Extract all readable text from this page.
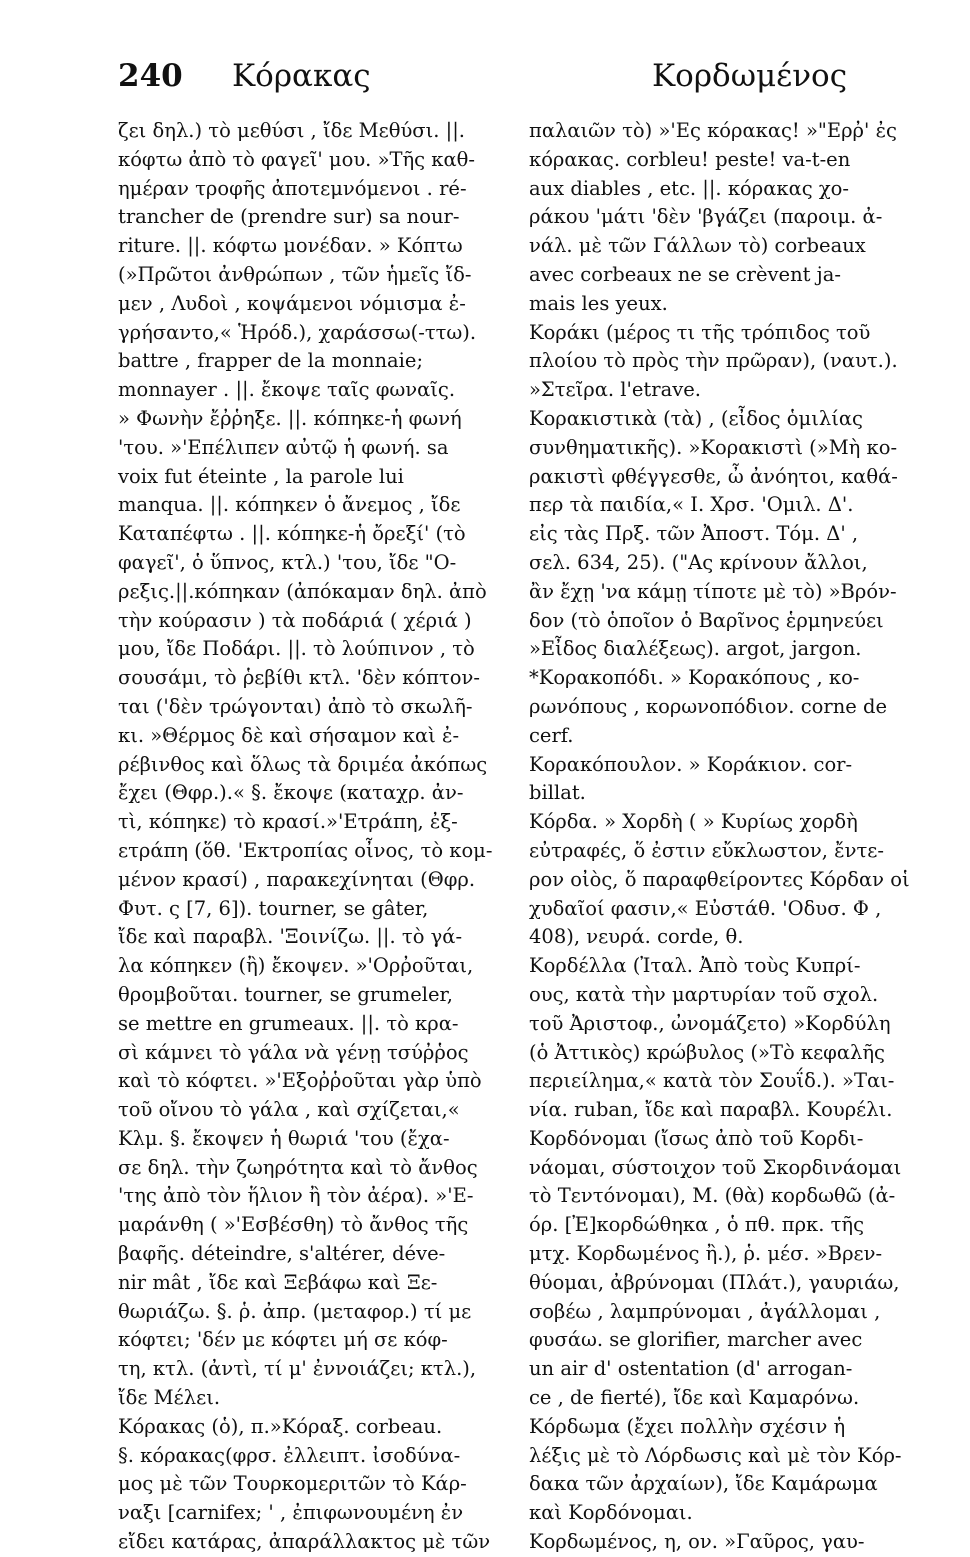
240 Κόρακας	Κορδωμένος
ζει δηλ.) τὸ μεθύσι , ἴδε Μεθύσι. ||.
κόφτω ἀπὸ τὸ φαγεῖ' μου. »Τῆς καθ-
ημέραν τροφῆς ἀποτεμνόμενοι . ré-
trancher de (prendre sur) sa nour-
riture. ||. κόφτω μονέδαν. » Κόπτω
(»Πρῶτοι ἀνθρώπων , τῶν ἡμεῖς ἴδ-
μεν , Λυδοὶ , κοψάμενοι νόμισμα ἐ-
γρήσαντο,« Ἡρόδ.), χαράσσω(-ττω).
battre , frapper de la monnaie;
monnayer . ||. ἔκοψε ταῖς φωναῖς.
» Φωνὴν ἔῤῥηξε. ||. κόπηκε-ἡ φωνή
'του. »'Επέλιπεν αὐτῷ ἡ φωνή. sa
voix fut éteinte , la parole lui
manqua. ||. κόπηκεν ὁ ἄνεμος , ἴδε
Καταπέφτω . ||. κόπηκε-ἡ ὄρεξί' (τὸ
φαγεῖ', ὁ ὕπνος, κτλ.) 'του, ἴδε "Ο-
ρεξις.||.κόπηκαν (ἀπόκαμαν δηλ. ἀπὸ
τὴν κούρασιν ) τὰ ποδάριά ( χέριά )
μου, ἴδε Ποδάρι. ||. τὸ λούπινον , τὸ
σουσάμι, τὸ ῥεβίθι κτλ. 'δὲν κόπτον-
ται ('δὲν τρώγονται) ἀπὸ τὸ σκωλῆ-
κι. »Θέρμος δὲ καὶ σήσαμον καὶ ἐ-
ρέβινθος καὶ ὅλως τὰ δριμέα ἀκόπως
ἔχει (Θφρ.).« §. ἔκοψε (καταχρ. ἀν-
τὶ, κόπηκε) τὸ κρασί.»'Ετράπη, ἐξ-
ετράπη (ὅθ. 'Εκτροπίας οἶνος, τὸ κομ-
μένον κρασί) , παρακεχίνηται (Θφρ.
Φυτ. ς [7, 6]). tourner, se gâter,
ἴδε καὶ παραβλ. 'Ξοινίζω. ||. τὸ γά-
λα κόπηκεν (ἢ) ἔκοψεν. »'Ορῤοῦται,
θρομβοῦται. tourner, se grumeler,
se mettre en grumeaux. ||. τὸ κρα-
σὶ κάμνει τὸ γάλα νὰ γένῃ τσύῤῥος
καὶ τὸ κόφτει. »'Εξοῤῥοῦται γὰρ ὑπὸ
τοῦ οἴνου τὸ γάλα , καὶ σχίζεται,«
Κλμ. §. ἔκοψεν ἡ θωριά 'του (ἔχα-
σε δηλ. τὴν ζωηρότητα καὶ τὸ ἄνθος
'της ἀπὸ τὸν ἥλιον ἢ τὸν ἀέρα). »'Ε-
μαράνθη ( »'Εσβέσθη) τὸ ἄνθος τῆς
βαφῆς. déteindre, s'altérer, déve-
nir mât , ἴδε καὶ Ξεβάφω καὶ Ξε-
θωριάζω. §. ῥ. ἀπρ. (μεταφορ.) τί με
κόφτει; 'δέν με κόφτει μή σε κόφ-
τη, κτλ. (ἀντὶ, τί μ' ἐννοιάζει; κτλ.),
ἴδε Μέλει.
Κόρακας (ὁ), π.»Κόραξ. corbeau.
§. κόρακας(φρσ. ἐλλειπτ. ἰσοδύνα-
μος μὲ τῶν Τουρκομεριτῶν τὸ Κάρ-
ναξι [carnifex; ' , ἐπιφωνουμένη ἐν
εἴδει κατάρας, ἀπαράλλακτος μὲ τῶν
παλαιῶν τὸ) »'Ες κόρακας! »"Ερῤ' ἐς
κόρακας. corbleu! peste! va-t-en
aux diables , etc. ||. κόρακας χο-
ράκου 'μάτι 'δὲν 'βγάζει (παροιμ. ἀ-
νάλ. μὲ τῶν Γάλλων τὸ) corbeaux
avec corbeaux ne se crèvent ja-
mais les yeux.
Κοράκι (μέρος τι τῆς τρόπιδος τοῦ
πλοίου τὸ πρὸς τὴν πρῶραν), (ναυτ.).
»Στεῖρα. l'etrave.
Κορακιστικὰ (τὰ) , (εἶδος ὁμιλίας
συνθηματικῆς). »Κορακιστὶ (»Μὴ κο-
ρακιστὶ φθέγγεσθε, ὦ ἀνόητοι, καθά-
περ τὰ παιδία,« Ι. Χρσ. 'Ομιλ. Δ'.
εἰς τὰς Πρξ. τῶν Ἀποστ. Τόμ. Δ' ,
σελ. 634, 25). ("Ας κρίνουν ἄλλοι,
ἂν ἔχῃ 'να κάμῃ τίποτε μὲ τὸ) »Βρόν-
δον (τὸ ὁποῖον ὁ Βαρῖνος ἑρμηνεύει
»Εἶδος διαλέξεως). argot, jargon.
*Κορακοπόδι. » Κορακόπους , κο-
ρωνόπους , κορωνοπόδιον. corne de
cerf.
Κορακόπουλον. » Κοράκιον. cor-
billat.
Κόρδα. » Χορδὴ ( » Κυρίως χορδὴ
εὐτραφές, ὅ ἐστιν εὔκλωστον, ἔντε-
ρον οἰὸς, ὅ παραφθείροντες Κόρδαν οἱ
χυδαῖοί φασιν,« Εὐστάθ. 'Οδυσ. Φ ,
408), νευρά. corde, θ.
Κορδέλλα (Ἰταλ. Ἀπὸ τοὺς Κυπρί-
ους, κατὰ τὴν μαρτυρίαν τοῦ σχολ.
τοῦ Ἀριστοφ., ὠνομάζετο) »Κορδύλη
(ὁ Ἀττικὸς) κρώβυλος (»Τὸ κεφαλῆς
περιείλημα,« κατὰ τὸν Σουΐδ.). »Ται-
νία. ruban, ἴδε καὶ παραβλ. Κουρέλι.
Κορδόνομαι (ἴσως ἀπὸ τοῦ Κορδι-
νάομαι, σύστοιχον τοῦ Σκορδινάομαι
τὸ Τεντόνομαι), Μ. (θὰ) κορδωθῶ (ἀ-
όρ. [Ἐ]κορδώθηκα , ὁ πθ. πρκ. τῆς
μτχ. Κορδωμένος ἢ.), ῥ. μέσ. »Βρεν-
θύομαι, ἀβρύνομαι (Πλάτ.), γαυριάω,
σοβέω , λαμπρύνομαι , ἀγάλλομαι ,
φυσάω. se glorifier, marcher avec
un air d' ostentation (d' arrogan-
ce , de fierté), ἴδε καὶ Καμαρόνω.
Κόρδωμα (ἔχει πολλὴν σχέσιν ἡ
λέξις μὲ τὸ Λόρδωσις καὶ μὲ τὸν Κόρ-
δακα τῶν ἀρχαίων), ἴδε Καμάρωμα
καὶ Κορδόνομαι.
Κορδωμένος, η, ον. »Γαῦρος, γαυ-
